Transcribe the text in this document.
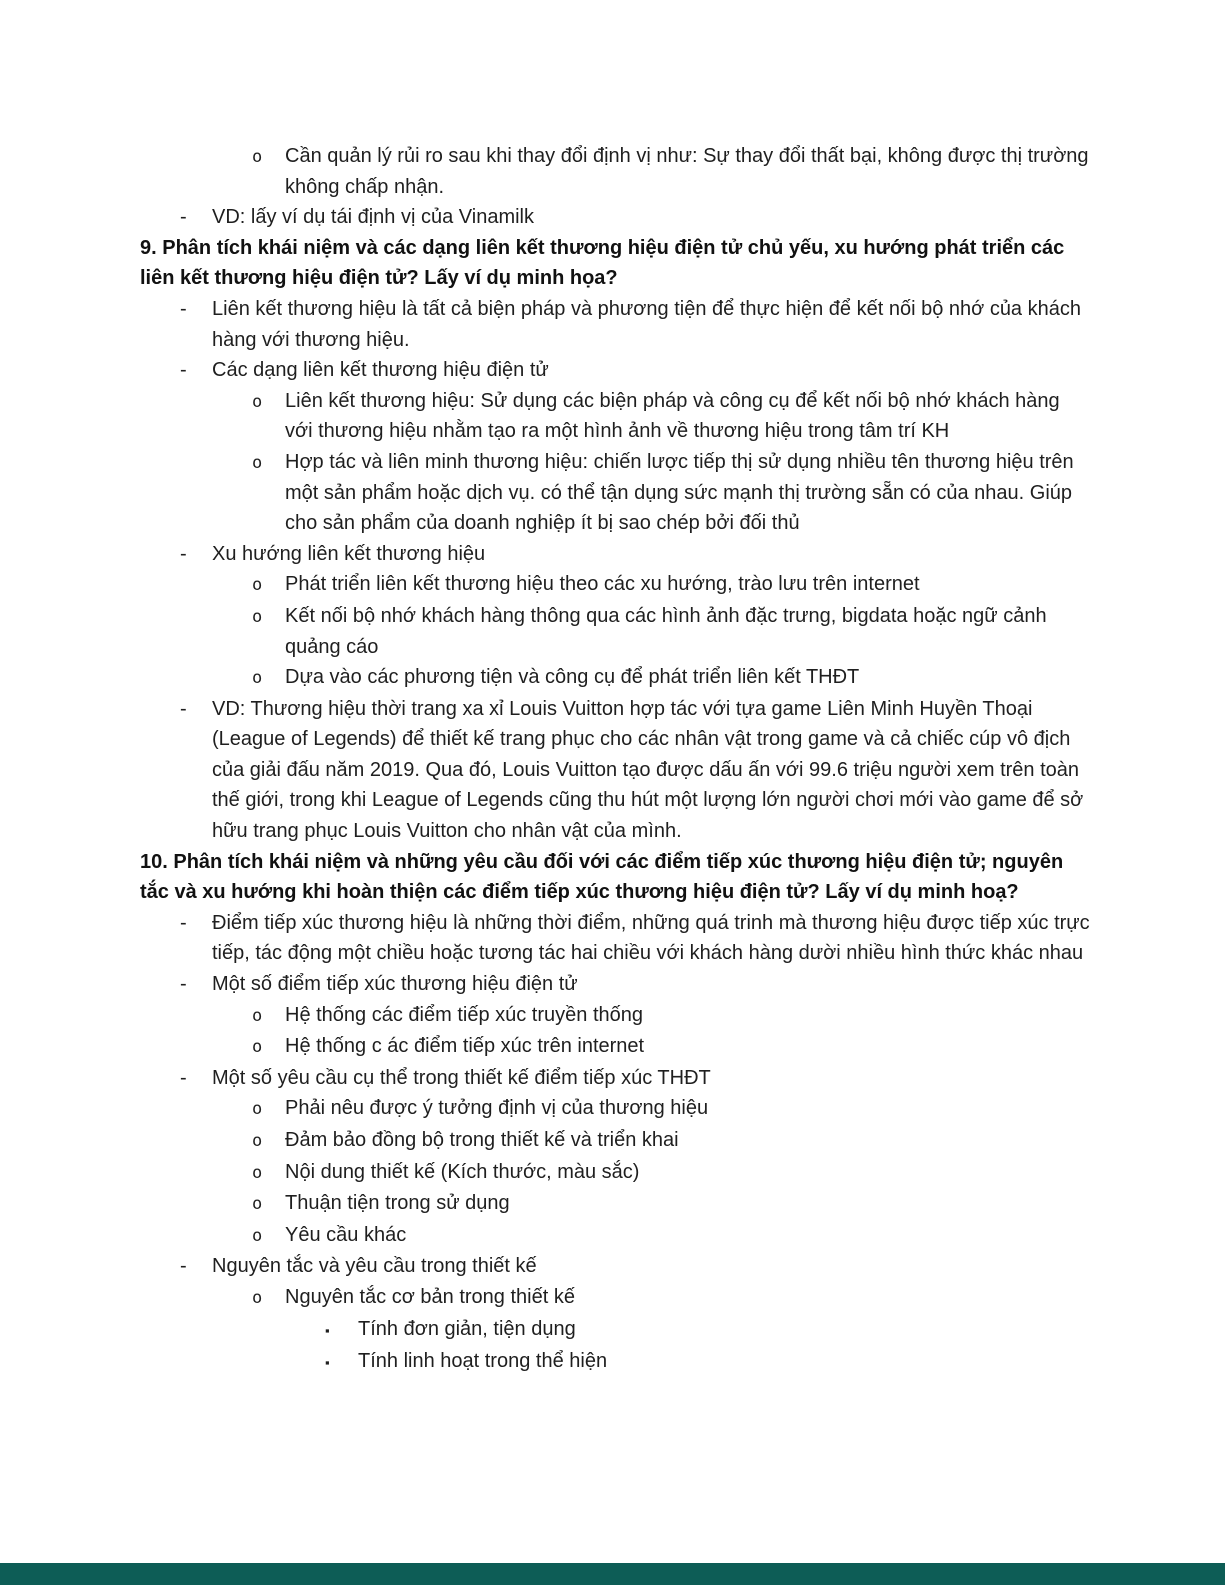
o	Cần quản lý rủi ro sau khi thay đổi định vị như: Sự thay đổi thất bại, không được thị trường không chấp nhận.
-	VD: lấy ví dụ tái định vị của Vinamilk
9. Phân tích khái niệm và các dạng liên kết thương hiệu điện tử chủ yếu, xu hướng phát triển các liên kết thương hiệu điện tử? Lấy ví dụ minh họa?
-	Liên kết thương hiệu là tất cả biện pháp và phương tiện để thực hiện để kết nối bộ nhớ của khách hàng với thương hiệu.
-	Các dạng liên kết thương hiệu điện tử
o	Liên kết thương hiệu: Sử dụng các biện pháp và công cụ để kết nối bộ nhớ khách hàng với thương hiệu nhằm tạo ra một hình ảnh về thương hiệu trong tâm trí KH
o	Hợp tác và liên minh thương hiệu: chiến lược tiếp thị sử dụng nhiều tên thương hiệu trên một sản phẩm hoặc dịch vụ. có thể tận dụng sức mạnh thị trường sẵn có của nhau. Giúp cho sản phẩm của doanh nghiệp ít bị sao chép bởi đối thủ
-	Xu hướng liên kết thương hiệu
o	Phát triển liên kết thương hiệu theo các xu hướng, trào lưu trên internet
o	Kết nối bộ nhớ khách hàng thông qua các hình ảnh đặc trưng, bigdata hoặc ngữ cảnh quảng cáo
o	Dựa vào các phương tiện và công cụ để phát triển liên kết THĐT
-	VD: Thương hiệu thời trang xa xỉ Louis Vuitton hợp tác với tựa game Liên Minh Huyền Thoại (League of Legends) để thiết kế trang phục cho các nhân vật trong game và cả chiếc cúp vô địch của giải đấu năm 2019. Qua đó, Louis Vuitton tạo được dấu ấn với 99.6 triệu người xem trên toàn thế giới, trong khi League of Legends cũng thu hút một lượng lớn người chơi mới vào game để sở hữu trang phục Louis Vuitton cho nhân vật của mình.
10. Phân tích khái niệm và những yêu cầu đối với các điểm tiếp xúc thương hiệu điện tử; nguyên tắc và xu hướng khi hoàn thiện các điểm tiếp xúc thương hiệu điện tử? Lấy ví dụ minh hoạ?
-	Điểm tiếp xúc thương hiệu là những thời điểm, những quá trinh mà thương hiệu được tiếp xúc trực tiếp, tác động một chiều hoặc tương tác hai chiều với khách hàng dười nhiều hình thức khác nhau
-	Một số điểm tiếp xúc thương hiệu điện tử
o	Hệ thống các điểm tiếp xúc truyền thống
o	Hệ thống c ác điểm tiếp xúc trên internet
-	Một số yêu cầu cụ thể trong thiết kế điểm tiếp xúc THĐT
o	Phải nêu được ý tưởng định vị của thương hiệu
o	Đảm bảo đồng bộ trong thiết kế và triển khai
o	Nội dung thiết kế (Kích thước, màu sắc)
o	Thuận tiện trong sử dụng
o	Yêu cầu khác
-	Nguyên tắc và yêu cầu trong thiết kế
o	Nguyên tắc cơ bản trong thiết kế
▪	Tính đơn giản, tiện dụng
▪	Tính linh hoạt trong thể hiện
